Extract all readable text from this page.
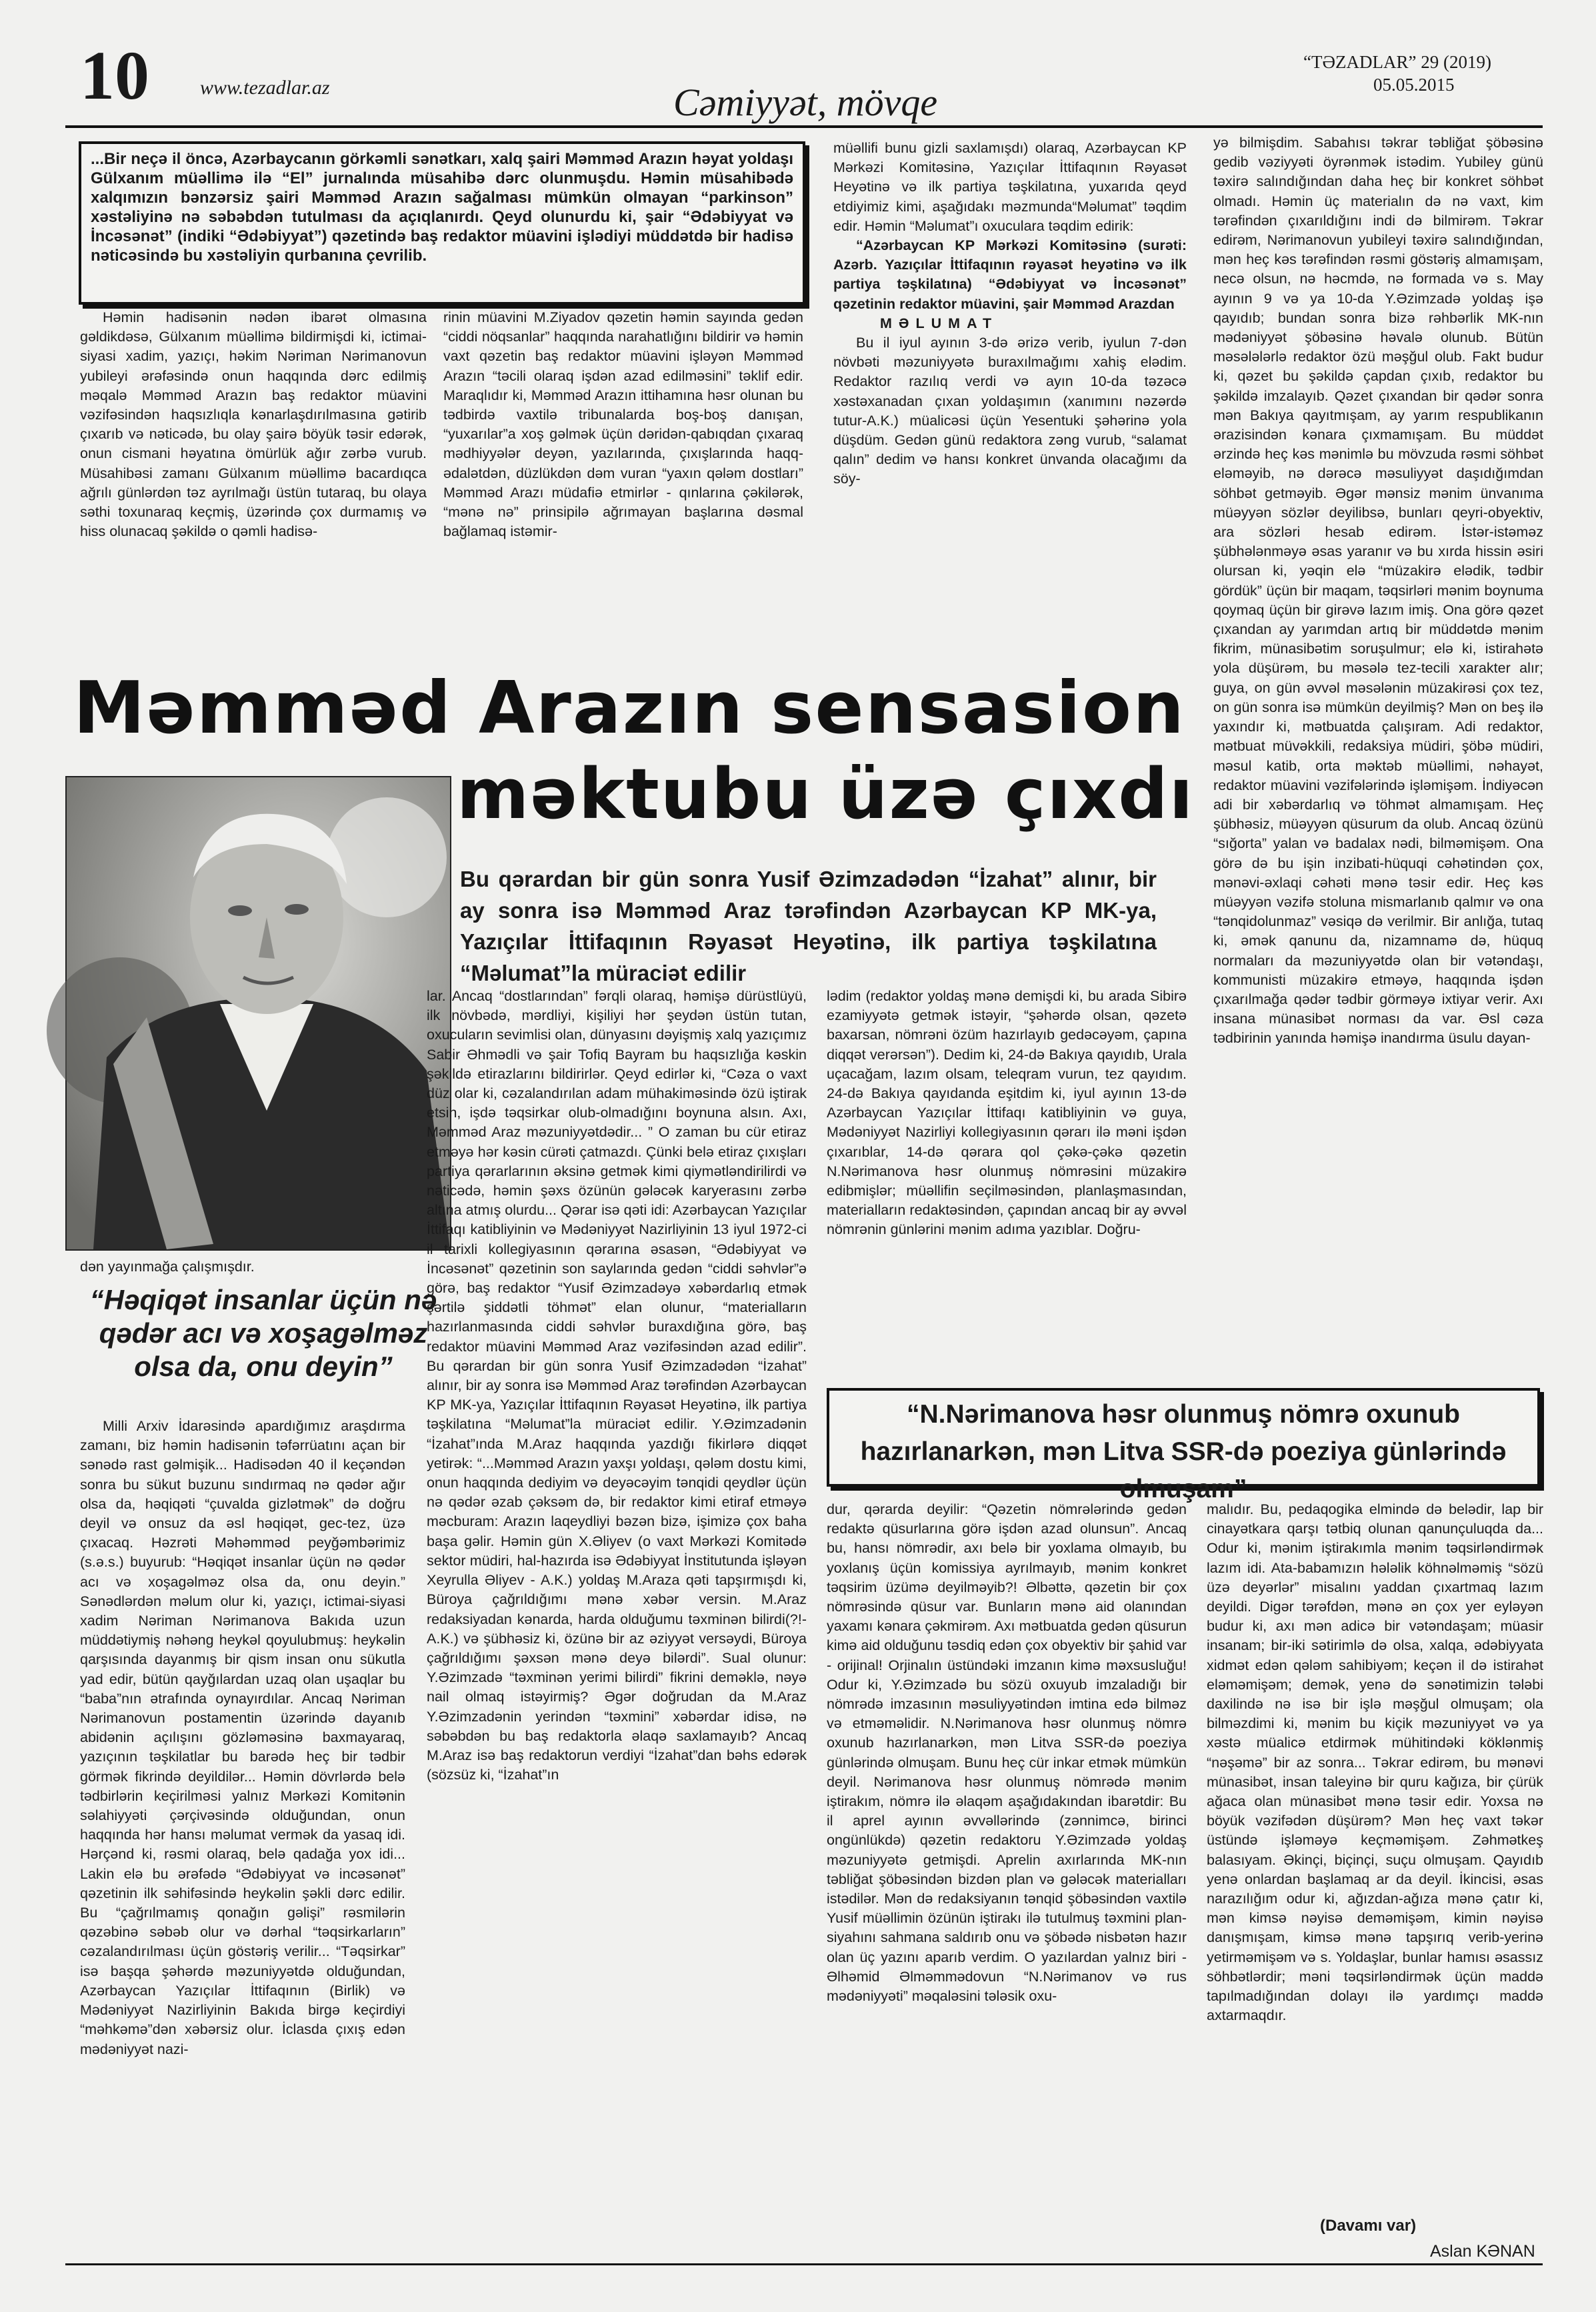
10	www.tezadlar.az	Cəmiyyət, mövqe
“TƏZADLAR” 29 (2019)
05.05.2015
...Bir neçə il öncə, Azərbaycanın görkəmli sənətkarı, xalq şairi Məmməd Arazın həyat yoldaşı Gülxanım müəllimə ilə “El” jurnalında müsahibə dərc olunmuşdu. Həmin müsahibədə xalqımızın bənzərsiz şairi Məmməd Arazın sağalması mümkün olmayan “parkinson” xəstəliyinə nə səbəbdən tutulması da açıqlanırdı. Qeyd olunurdu ki, şair “Ədəbiyyat və İncəsənət” (indiki “Ədəbiyyat”) qəzetində baş redaktor müavini işlədiyi müddətdə bir hadisə nəticəsində bu xəstəliyin qurbanına çevrilib.

Həmin hadisənin nədən ibarət olmasına gəldikdəsə, Gülxanım müəllimə bildirmişdi ki, ictimai-siyasi xadim, yazıçı, həkim Nəriman Nərimanovun yubileyi ərəfəsində onun haqqında dərc edilmiş məqalə Məmməd Arazın baş redaktor müavini vəzifəsindən haqsızlıqla kənarlaşdırılmasına gətirib çıxarıb və nəticədə, bu olay şairə böyük təsir edərək, onun cismani həyatına ömürlük ağır zərbə vurub. Müsahibəsi zamanı Gülxanım müəllimə bacardıqca ağrılı günlərdən təz ayrılmağı üstün tutaraq, bu olaya səthi toxunaraq keçmiş, üzərində çox durmamış və hiss olunacaq şəkildə o qəmli hadisə-

rinin müavini M.Ziyadov qəzetin həmin sayında gedən “ciddi nöqsanlar” haqqında narahatlığını bildirir və həmin vaxt qəzetin baş redaktor müavini işləyən Məmməd Arazın “təcili olaraq işdən azad edilməsini” təklif edir. Maraqlıdır ki, Məmməd Arazın ittihamına həsr olunan bu tədbirdə vaxtilə tribunalarda boş-boş danışan, “yuxarılar”a xoş gəlmək üçün dəridən-qabıqdan çıxaraq mədhiyyələr deyən, yazılarında, çıxışlarında haqq-ədalətdən, düzlükdən dəm vuran “yaxın qələm dostları” Məmməd Arazı müdafiə etmirlər - qınlarına çəkilərək, “mənə nə” prinsipilə ağrımayan başlarına dəsmal bağlamaq istəmir-

müəllifi bunu gizli saxlamışdı) olaraq, Azərbaycan KP Mərkəzi Komitəsinə, Yazıçılar İttifaqının Rəyasət Heyətinə və ilk partiya təşkilatına, yuxarıda qeyd etdiyimiz kimi, aşağıdakı məzmunda“Məlumat” təqdim edir. Həmin “Məlumat”ı oxuculara təqdim edirik:

“Azərbaycan KP Mərkəzi Komitəsinə (surəti: Azərb. Yazıçılar İttifaqının rəyasət heyətinə və ilk partiya təşkilatına) “Ədəbiyyat və İncəsənət” qəzetinin redaktor müavini, şair Məmməd Arazdan

MƏLUMAT

Bu il iyul ayının 3-də ərizə verib, iyulun 7-dən növbəti məzuniyyətə buraxılmağımı xahiş elədim. Redaktor razılıq verdi və ayın 10-da təzəcə xəstəxanadan çıxan yoldaşımın (xanımını nəzərdə tutur-A.K.) müalicəsi üçün Yesentuki şəhərinə yola düşdüm. Gedən günü redaktora zəng vurub, “salamat qalın” dedim və hansı konkret ünvanda olacağımı da söy-

yə bilmişdim. Sabahısı təkrar təbliğat şöbəsinə gedib vəziyyəti öyrənmək istədim. Yubiley günü təxirə salındığından daha heç bir konkret söhbət olmadı. Həmin üç materialın də nə vaxt, kim tərəfindən çıxarıldığını indi də bilmirəm. Təkrar edirəm, Nərimanovun yubileyi təxirə salındığından, mən heç kəs tərəfindən rəsmi göstəriş almamışam, necə olsun, nə həcmdə, nə formada və s. May ayının 9 və ya 10-da Y.Əzimzadə yoldaş işə qayıdıb; bundan sonra bizə rəhbərlik MK-nın mədəniyyət şöbəsinə həvalə olunub. Bütün məsələlərlə redaktor özü məşğul olub. Fakt budur ki, qəzet bu şəkildə çapdan çıxıb, redaktor bu şəkildə imzalayıb. Qəzet çıxandan bir qədər sonra mən Bakıya qayıtmışam, ay yarım respublikanın ərazisindən kənara çıxmamışam. Bu müddət ərzində heç kəs mənimlə bu mövzuda rəsmi söhbət eləməyib, nə dərəcə məsuliyyət daşıdığımdan söhbət getməyib. Əgər mənsiz mənim ünvanıma müəyyən sözlər deyilibsə, bunları qeyri-obyektiv, ara sözləri hesab edirəm. İstər-istəməz şübhələnməyə əsas yaranır və bu xırda hissin əsiri olursan ki, yəqin elə “müzakirə elədik, tədbir gördük” üçün bir maqam, təqsirləri mənim boynuma qoymaq üçün bir girəvə lazım imiş. Ona görə qəzet çıxandan ay yarımdan artıq bir müddətdə mənim fikrim, münasibətim soruşulmur; elə ki, istirahətə yola düşürəm, bu məsələ tez-tecili xarakter alır; guya, on gün əvvəl məsələnin müzakirəsi çox tez, on gün sonra isə mümkün deyilmiş? Mən on beş ilə yaxındır ki, mətbuatda çalışıram. Adi redaktor, mətbuat müvəkkili, redaksiya müdiri, şöbə müdiri, məsul katib, orta məktəb müəllimi, nəhayət, redaktor müavini vəzifələrində işləmişəm. İndiyəcən adi bir xəbərdarlıq və töhmət almamışam. Heç şübhəsiz, müəyyən qüsurum da olub. Ancaq özünü “sığorta” yalan və badalax nədi, bilməmişəm. Ona görə də bu işin inzibati-hüquqi cəhətindən çox, mənəvi-əxlaqi cəhəti mənə təsir edir. Heç kəs müəyyən vəzifə stoluna mismarlanıb qalmır və ona “tənqidolunmaz” vəsiqə də verilmir. Bir anlığa, tutaq ki, əmək qanunu da, nizamnamə də, hüquq normaları da məzuniyyətdə olan bir vətəndaşı, kommunisti müzakirə etməyə, haqqında işdən çıxarılmağa qədər tədbir görməyə ixtiyar verir. Axı insana münasibət norması da var. Əsl cəza tədbirinin yanında həmişə inandırma üsulu dayan-

Məmməd Arazın sensasion
məktubu üzə çıxdı
dən yayınmağa çalışmışdır.
Bu qərardan bir gün sonra Yusif Əzimzadədən “İzahat” alınır, bir ay sonra isə Məmməd Araz tərəfindən Azərbaycan KP MK-ya, Yazıçılar İttifaqının Rəyasət Heyətinə, ilk partiya təşkilatına “Məlumat”la müraciət edilir
“Həqiqət insanlar üçün nə qədər acı və xoşagəlməz olsa da, onu deyin”

Milli Arxiv İdarəsində apardığımız araşdırma zamanı, biz həmin hadisənin təfərrüatını açan bir sənədə rast gəlmişik... Hadisədən 40 il keçəndən sonra bu sükut buzunu sındırmaq nə qədər ağır olsa da, həqiqəti “çuvalda gizlətmək” də doğru deyil və onsuz da əsl həqiqət, gec-tez, üzə çıxacaq. Həzrəti Məhəmməd peyğəmbərimiz (s.ə.s.) buyurub: “Həqiqət insanlar üçün nə qədər acı və xoşagəlməz olsa da, onu deyin.” Sənədlərdən məlum olur ki, yazıçı, ictimai-siyasi xadim Nəriman Nərimanova Bakıda uzun müddətiymiş nəhəng heykəl qoyulubmuş: heykəlin qarşısında dayanmış bir qism insan onu sükutla yad edir, bütün qayğılardan uzaq olan uşaqlar bu “baba”nın ətrafında oynayırdılar. Ancaq Nəriman Nərimanovun postamentin üzərində dayanıb abidənin açılışını gözləməsinə baxmayaraq, yazıçının təşkilatlar bu barədə heç bir tədbir görmək fikrində deyildilər... Həmin dövrlərdə belə tədbirlərin keçirilməsi yalnız Mərkəzi Komitənin səlahiyyəti çərçivəsində olduğundan, onun haqqında hər hansı məlumat vermək da yasaq idi. Hərçənd ki, rəsmi olaraq, belə qadağa yox idi... Lakin elə bu ərəfədə “Ədəbiyyat və incəsənət” qəzetinin ilk səhifəsində heykəlin şəkli dərc edilir. Bu “çağrılmamış qonağın gəlişi” rəsmilərin qəzəbinə səbəb olur və dərhal “təqsirkarların” cəzalandırılması üçün göstəriş verilir... “Təqsirkar” isə başqa şəhərdə məzuniyyətdə olduğundan, Azərbaycan Yazıçılar İttifaqının (Birlik) və Mədəniyyət Nazirliyinin Bakıda birgə keçirdiyi “məhkəmə”dən xəbərsiz olur. İclasda çıxış edən mədəniyyət nazi-

lar. Ancaq “dostlarından” fərqli olaraq, həmişə dürüstlüyü, ilk növbədə, mərdliyi, kişiliyi hər şeydən üstün tutan, oxucuların sevimlisi olan, dünyasını dəyişmiş xalq yazıçımız Sabir Əhmədli və şair Tofiq Bayram bu haqsızlığa kəskin şəkildə etirazlarını bildirirlər. Qeyd edirlər ki, “Cəza o vaxt düz olar ki, cəzalandırılan adam mühakiməsində özü iştirak etsin, işdə təqsirkar olub-olmadığını boynuna alsın. Axı, Məmməd Araz məzuniyyətdədir... ” O zaman bu cür etiraz etməyə hər kəsin cürəti çatmazdı. Çünki belə etiraz çıxışları partiya qərarlarının əksinə getmək kimi qiymətləndirilirdi və nəticədə, həmin şəxs özünün gələcək karyerasını zərbə altına atmış olurdu... Qərar isə qəti idi: Azərbaycan Yazıçılar İttifaqı katibliyinin və Mədəniyyət Nazirliyinin 13 iyul 1972-ci il tarixli kollegiyasının qərarına əsasən, “Ədəbiyyat və İncəsənət” qəzetinin son saylarında gedən “ciddi səhvlər”ə görə, baş redaktor “Yusif Əzimzadəyə xəbərdarlıq etmək şərtilə şiddətli töhmət” elan olunur, “materialların hazırlanmasında ciddi səhvlər buraxdığına görə, baş redaktor müavini Məmməd Araz vəzifəsindən azad edilir”. Bu qərardan bir gün sonra Yusif Əzimzadədən “İzahat” alınır, bir ay sonra isə Məmməd Araz tərəfindən Azərbaycan KP MK-ya, Yazıçılar İttifaqının Rəyasət Heyətinə, ilk partiya təşkilatına “Məlumat”la müraciət edilir. Y.Əzimzadənin “İzahat”ında M.Araz haqqında yazdığı fikirlərə diqqət yetirək: “...Məmməd Arazın yaxşı yoldaşı, qələm dostu kimi, onun haqqında dediyim və deyəcəyim tənqidi qeydlər üçün nə qədər əzab çəksəm də, bir redaktor kimi etiraf etməyə məcburam: Arazın laqeydliyi bəzən bizə, işimizə çox baha başa gəlir. Həmin gün X.Əliyev (o vaxt Mərkəzi Komitədə sektor müdiri, hal-hazırda isə Ədəbiyyat İnstitutunda işləyən Xeyrulla Əliyev - A.K.) yoldaş M.Araza qəti tapşırmışdı ki, Büroya çağrıldığımı mənə xəbər versin. M.Araz redaksiyadan kənarda, harda olduğumu təxminən bilirdi(?!-A.K.) və şübhəsiz ki, özünə bir az əziyyət versəydi, Büroya çağrıldığımı şəxsən mənə deyə bilərdi”. Sual olunur: Y.Əzimzadə “təxminən yerimi bilirdi” fikrini deməklə, nəyə nail olmaq istəyirmiş? Əgər doğrudan da M.Araz Y.Əzimzadənin yerindən “təxmini” xəbərdar idisə, nə səbəbdən bu baş redaktorla əlaqə saxlamayıb? Ancaq M.Araz isə baş redaktorun verdiyi “İzahat”dan bəhs edərək (sözsüz ki, “İzahat”ın

lədim (redaktor yoldaş mənə demişdi ki, bu arada Sibirə ezamiyyətə getmək istəyir, “şəhərdə olsan, qəzetə baxarsan, nömrəni özüm hazırlayıb gedəcəyəm, çapına diqqət verərsən”). Dedim ki, 24-də Bakıya qayıdıb, Uralа uçacağam, lazım olsam, teleqram vurun, tez qayıdım. 24-də Bakıya qayıdandа eşitdim ki, iyul ayının 13-də Azərbaycan Yazıçılar İttifaqı katibliyinin və guya, Mədəniyyət Nazirliyi kollegiyasının qərarı ilə məni işdən çıxarıblar, 14-də qərarа qol çəkə-çəkə qəzetin N.Nərimanova həsr olunmuş nömrəsini müzakirə edibmişlər; müəllifin seçilməsindən, planlaşmasından, materialların redaktəsindən, çapından ancaq bir ay əvvəl nömrənin günlərini mənim adıma yazıblar. Doğru-

“N.Nərimanova həsr olunmuş nömrə oxunub hazırlanarkən, mən Litva SSR-də poeziya günlərində olmuşam”

dur, qərarda deyilir: “Qəzetin nömrələrində gedən redaktə qüsurlarına görə işdən azad olunsun”. Ancaq bu, hansı nömrədir, axı belə bir yoxlama olmayıb, bu yoxlanış üçün komissiya ayrılmayıb, mənim konkret təqsirim üzümə deyilməyib?! Əlbəttə, qəzetin bir çox nömrəsində qüsur var. Bunların mənə aid olanından yaxamı kənara çəkmirəm. Axı mətbuatda gedən qüsurun kimə aid olduğunu təsdiq edən çox obyektiv bir şahid var - orijinal! Orjinalın üstündəki imzanın kimə məxsusluğu! Odur ki, Y.Əzimzadə bu sözü oxuyub imzaladığı bir nömrədə imzasının məsuliyyətindən imtina edə bilməz və etməməlidir. N.Nərimanova həsr olunmuş nömrə oxunub hazırlanarkən, mən Litva SSR-də poeziya günlərində olmuşam. Bunu heç cür inkar etmək mümkün deyil. Nərimanova həsr olunmuş nömrədə mənim iştirakım, nömrə ilə əlaqəm aşağıdakından ibarətdir: Bu il aprel ayının əvvəllərində (zənnimcə, birinci ongünlükdə) qəzetin redaktoru Y.Əzimzadə yoldaş məzuniyyətə getmişdi. Aprelin axırlarında MK-nın təbliğat şöbəsindən bizdən plan və gələcək materialları istədilər. Mən də redaksiyanın tənqid şöbəsindən vaxtilə Yusif müəllimin özünün iştirakı ilə tutulmuş təxmini plan-siyahını sahmana saldırıb onu və şöbədə nisbətən hazır olan üç yazını aparıb verdim. O yazılardan yalnız biri - Əlhəmid Əlməmmədovun “N.Nərimanov və rus mədəniyyəti” məqaləsini təlәsik oxu-

malıdır. Bu, pedaqogika elmində də belədir, lap bir cinayətkara qarşı tətbiq olunan qanunçuluqda da... Odur ki, mənim iştirakımla mənim təqsirləndirmək lazım idi. Ata-babamızın hələlik köhnəlməmiş “sözü üzə deyərlər” misalını yaddan çıxartmaq lazım deyildi. Digər tərəfdən, mənə ən çox yer eyləyən budur ki, axı mən adicə bir vətəndaşam; müasir insanam; bir-iki sətirimlə də olsa, xalqa, ədəbiyyata xidmət edən qələm sahibiyəm; keçən il də istirahət eləməmişəm; demək, yenə də sənətimizin tələbi daxilində nə isə bir işlə məşğul olmuşam; ola bilməzdimi ki, mənim bu kiçik məzuniyyət və ya xəstə müalicə etdirmək mühitindəki köklənmiş “nəşəmə” bir az sonra... Təkrar edirəm, bu mənəvi münasibət, insan taleyinə bir quru kağıza, bir çürük ağaca olan münasibət mənə təsir edir. Yoxsa nə böyük vəzifədən düşürəm? Mən heç vaxt təkər üstündə işləməyə keçməmişəm. Zəhmətkeş balasıyam. Əkinçi, biçinçi, suçu olmuşam. Qayıdıb yenə onlardan başlamaq ar da deyil. İkincisi, əsas narazılığım odur ki, ağızdan-ağıza mənə çatır ki, mən kimsə nəyisə deməmişəm, kimin nəyisə danışmışam, kimsə mənə tapşırıq verib-yerinə yetirməmişəm və s. Yoldaşlar, bunlar hamısı əsassız söhbətlərdir; məni təqsirləndirmək üçün maddə tapılmadığından dolayı ilə yardımçı maddə axtarmaqdır.

(Davamı var)
Aslan KƏNAN
